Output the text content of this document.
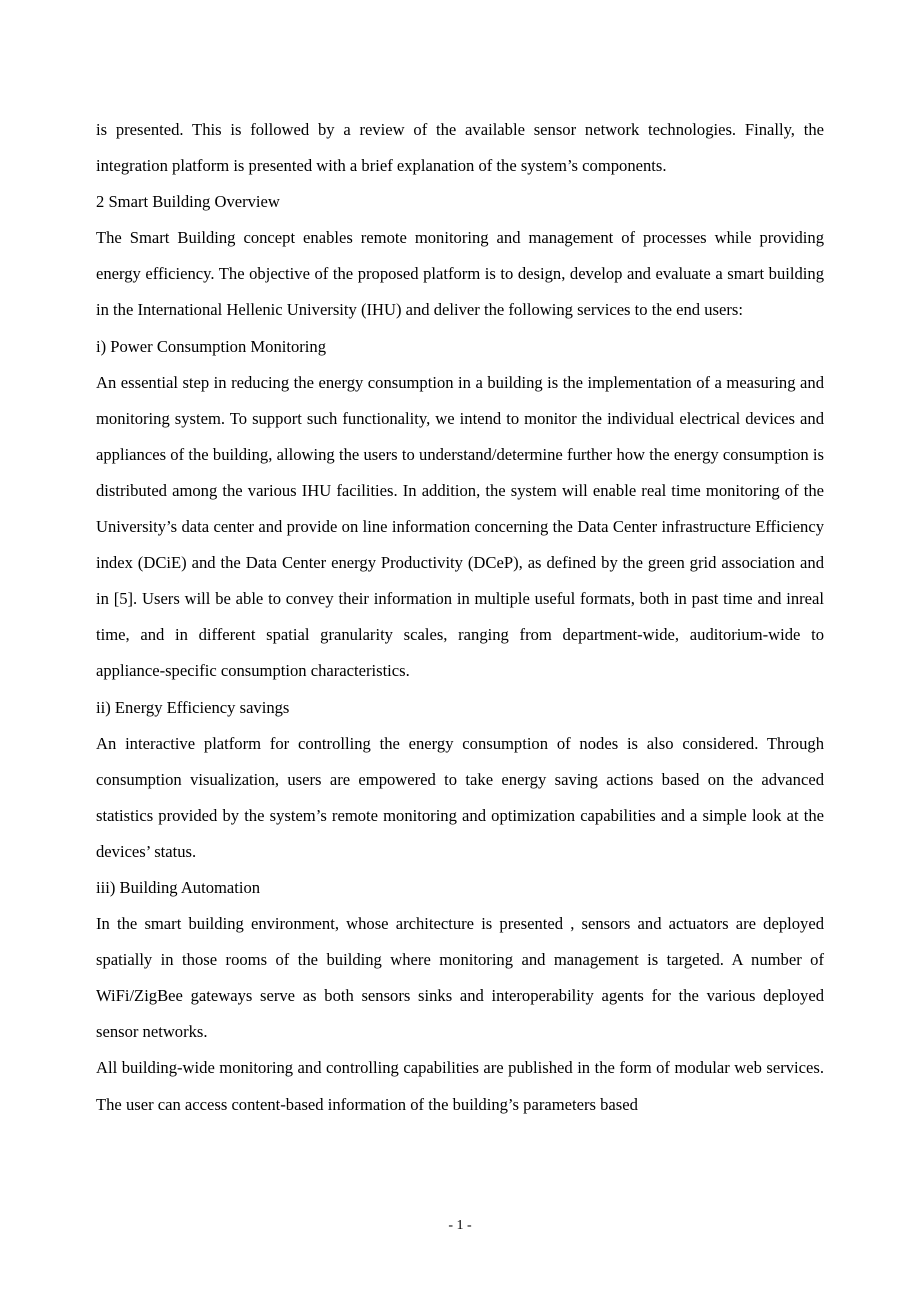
is presented. This is followed by a review of the available sensor network technologies. Finally, the integration platform is presented with a brief explanation of the system’s components.

2 Smart Building Overview

The Smart Building concept enables remote monitoring and management of processes while providing energy efficiency. The objective of the proposed platform is to design, develop and evaluate a smart building in the International Hellenic University (IHU) and deliver the following services to the end users:

i) Power Consumption Monitoring

An essential step in reducing the energy consumption in a building is the implementation of a measuring and monitoring system. To support such functionality, we intend to monitor the individual electrical devices and appliances of the building, allowing the users to understand/determine further how the energy consumption is distributed among the various IHU facilities. In addition, the system will enable real time monitoring of the University’s data center and provide on line information concerning the Data Center infrastructure Efficiency index (DCiE) and the Data Center energy Productivity (DCeP), as defined by the green grid association and in [5]. Users will be able to convey their information in multiple useful formats, both in past time and inreal time, and in different spatial granularity scales, ranging from department-wide, auditorium-wide to appliance-specific consumption characteristics.

ii) Energy Efficiency savings

An interactive platform for controlling the energy consumption of nodes is also considered. Through consumption visualization, users are empowered to take energy saving actions based on the advanced statistics provided by the system’s remote monitoring and optimization capabilities and a simple look at the devices’ status.

iii) Building Automation

In the smart building environment, whose architecture is presented , sensors and actuators are deployed spatially in those rooms of the building where monitoring and management is targeted. A number of WiFi/ZigBee gateways serve as both sensors sinks and interoperability agents for the various deployed sensor networks.

All building-wide monitoring and controlling capabilities are published in the form of modular web services. The user can access content-based information of the building’s parameters based

- 1 -
